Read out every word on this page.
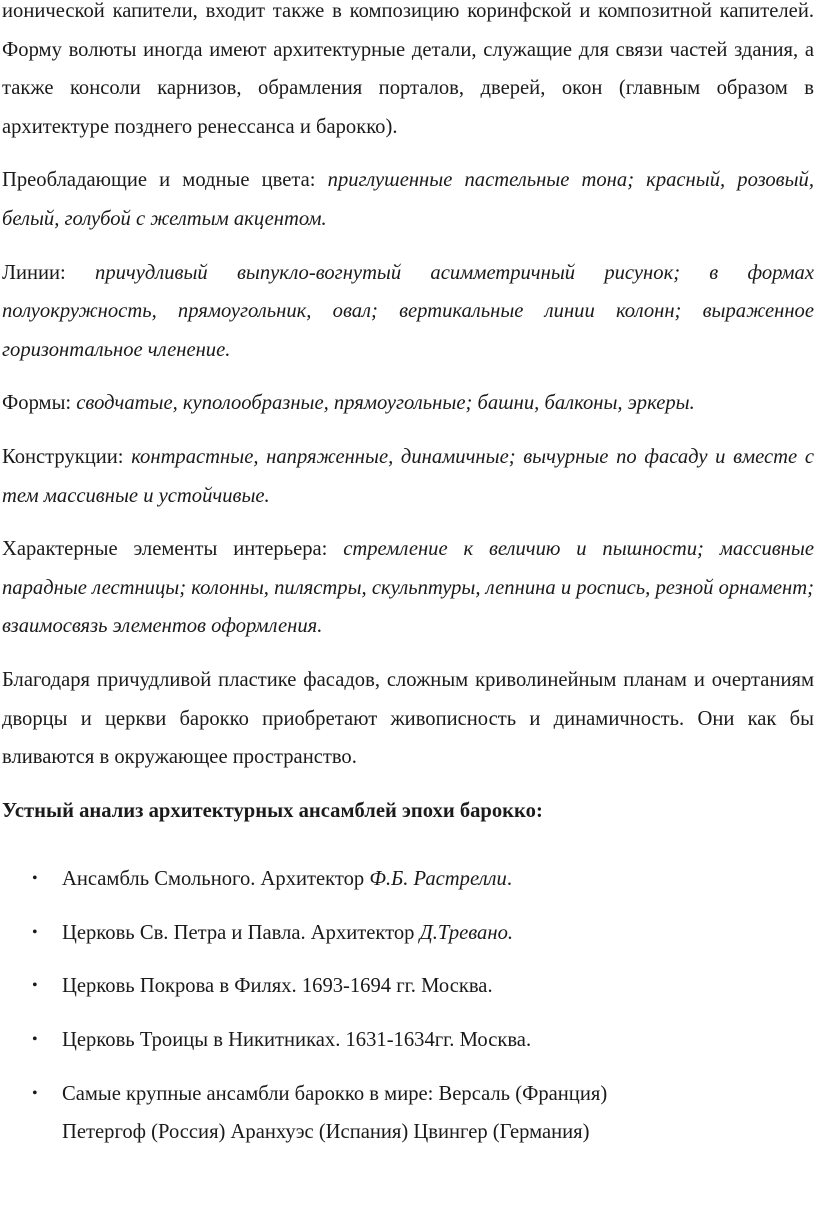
ионической капители, входит также в композицию коринфской и композитной капителей. Форму волюты иногда имеют архитектурные детали, служащие для связи частей здания, а также консоли карнизов, обрамления порталов, дверей, окон (главным образом в архитектуре позднего ренессанса и барокко).

Преобладающие и модные цвета: приглушенные пастельные тона; красный, розовый, белый, голубой с желтым акцентом.

Линии: причудливый выпукло-вогнутый асимметричный рисунок; в формах полуокружность, прямоугольник, овал; вертикальные линии колонн; выраженное горизонтальное членение.

Формы: сводчатые, куполообразные, прямоугольные; башни, балконы, эркеры.

Конструкции: контрастные, напряженные, динамичные; вычурные по фасаду и вместе с тем массивные и устойчивые.

Характерные элементы интерьера: стремление к величию и пышности; массивные парадные лестницы; колонны, пилястры, скульптуры, лепнина и роспись, резной орнамент; взаимосвязь элементов оформления.

Благодаря причудливой пластике фасадов, сложным криволинейным планам и очертаниям дворцы и церкви барокко приобретают живописность и динамичность. Они как бы вливаются в окружающее пространство.

Устный анализ архитектурных ансамблей эпохи барокко:

• Ансамбль Смольного. Архитектор Ф.Б. Растрелли.
• Церковь Св. Петра и Павла. Архитектор Д.Тревано.
• Церковь Покрова в Филях. 1693-1694 гг. Москва.
• Церковь Троицы в Никитниках. 1631-1634гг. Москва.
• Самые крупные ансамбли барокко в мире: Версаль (Франция)
Петергоф (Россия) Аранхуэс (Испания) Цвингер (Германия)
